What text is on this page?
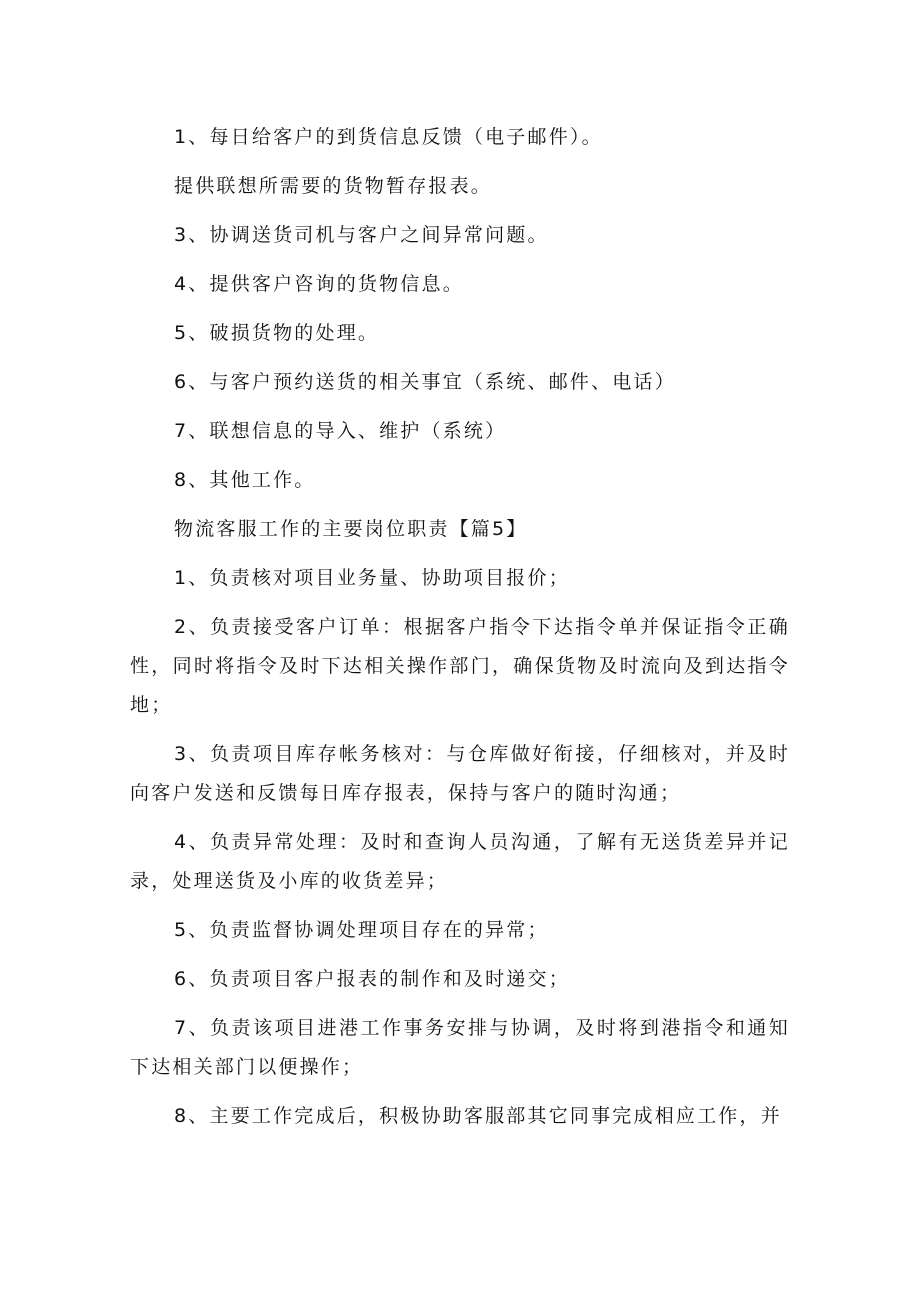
1、每日给客户的到货信息反馈（电子邮件）。

提供联想所需要的货物暂存报表。

3、协调送货司机与客户之间异常问题。

4、提供客户咨询的货物信息。

5、破损货物的处理。

6、与客户预约送货的相关事宜（系统、邮件、电话）

7、联想信息的导入、维护（系统）

8、其他工作。

物流客服工作的主要岗位职责【篇5】

1、负责核对项目业务量、协助项目报价；

2、负责接受客户订单：根据客户指令下达指令单并保证指令正确性，同时将指令及时下达相关操作部门，确保货物及时流向及到达指令地；

3、负责项目库存帐务核对：与仓库做好衔接，仔细核对，并及时向客户发送和反馈每日库存报表，保持与客户的随时沟通；

4、负责异常处理：及时和查询人员沟通，了解有无送货差异并记录，处理送货及小库的收货差异；

5、负责监督协调处理项目存在的异常；

6、负责项目客户报表的制作和及时递交；

7、负责该项目进港工作事务安排与协调，及时将到港指令和通知下达相关部门以便操作；

8、主要工作完成后，积极协助客服部其它同事完成相应工作，并
